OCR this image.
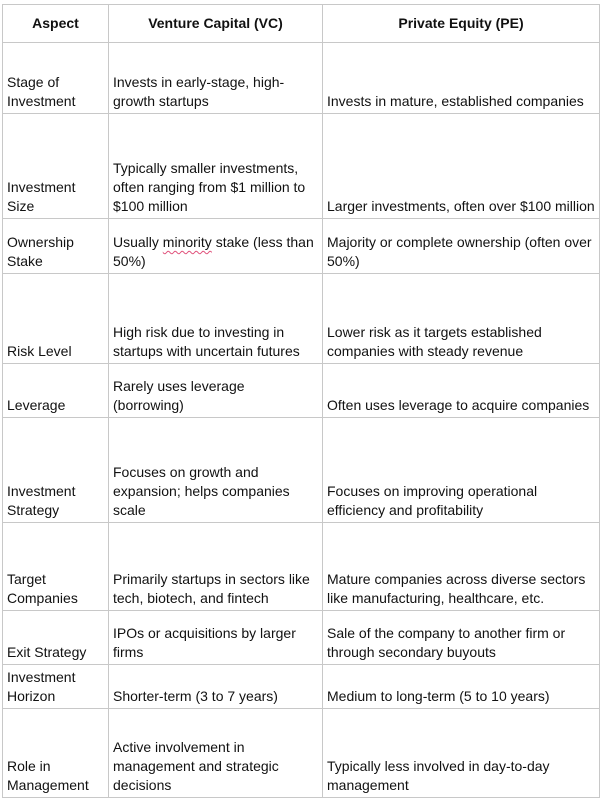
Aspect	Venture Capital (VC)	Private Equity (PE)
Stage of Investment	Invests in early-stage, high-growth startups	Invests in mature, established companies
Investment Size	Typically smaller investments, often ranging from $1 million to $100 million	Larger investments, often over $100 million
Ownership Stake	Usually minority stake (less than 50%)	Majority or complete ownership (often over 50%)
Risk Level	High risk due to investing in startups with uncertain futures	Lower risk as it targets established companies with steady revenue
Leverage	Rarely uses leverage (borrowing)	Often uses leverage to acquire companies
Investment Strategy	Focuses on growth and expansion; helps companies scale	Focuses on improving operational efficiency and profitability
Target Companies	Primarily startups in sectors like tech, biotech, and fintech	Mature companies across diverse sectors like manufacturing, healthcare, etc.
Exit Strategy	IPOs or acquisitions by larger firms	Sale of the company to another firm or through secondary buyouts
Investment Horizon	Shorter-term (3 to 7 years)	Medium to long-term (5 to 10 years)
Role in Management	Active involvement in management and strategic decisions	Typically less involved in day-to-day management
